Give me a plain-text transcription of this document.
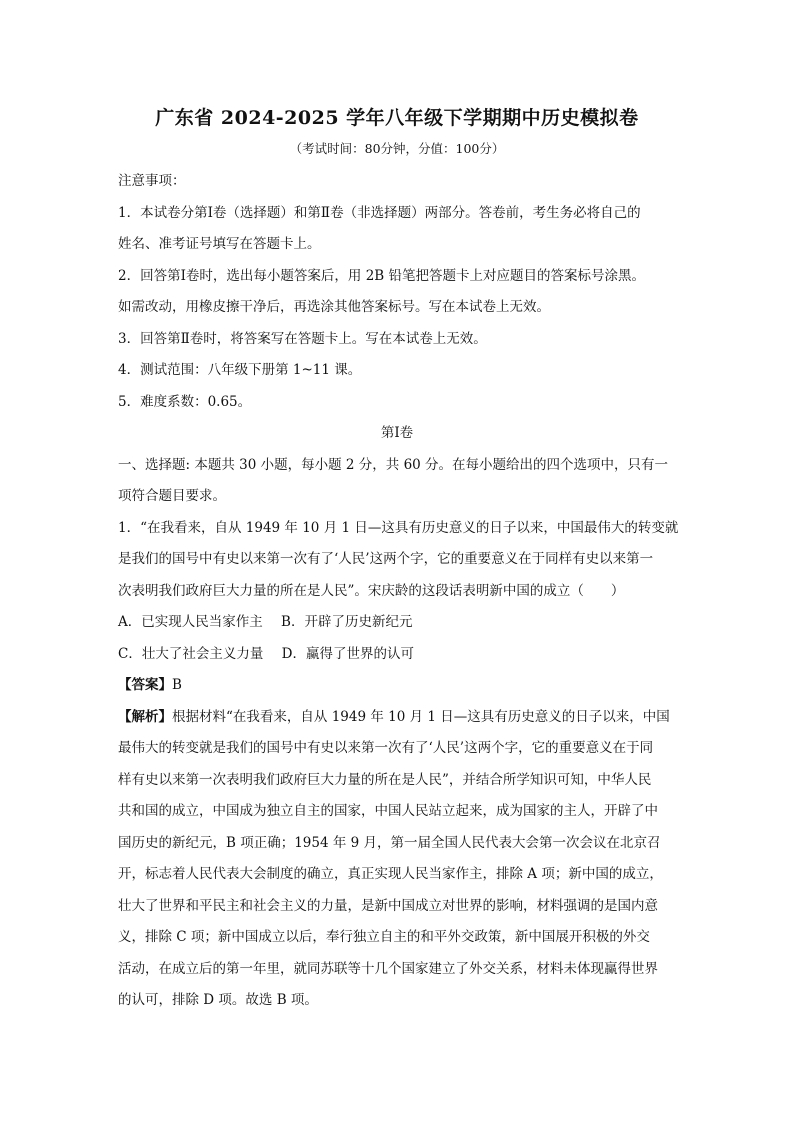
广东省 2024-2025 学年八年级下学期期中历史模拟卷
（考试时间：80分钟，分值：100分）

注意事项：

1．本试卷分第Ⅰ卷（选择题）和第Ⅱ卷（非选择题）两部分。答卷前，考生务必将自己的

姓名、准考证号填写在答题卡上。

2．回答第Ⅰ卷时，选出每小题答案后，用 2B 铅笔把答题卡上对应题目的答案标号涂黑。

如需改动，用橡皮擦干净后，再选涂其他答案标号。写在本试卷上无效。

3．回答第Ⅱ卷时，将答案写在答题卡上。写在本试卷上无效。

4．测试范围：八年级下册第 1~11 课。

5．难度系数：0.65。

第Ⅰ卷

一、选择题: 本题共 30 小题，每小题 2 分，共 60 分。在每小题给出的四个选项中，只有一

项符合题目要求。

1．“在我看来，自从 1949 年 10 月 1 日—这具有历史意义的日子以来，中国最伟大的转变就

是我们的国号中有史以来第一次有了‘人民’这两个字，它的重要意义在于同样有史以来第一

次表明我们政府巨大力量的所在是人民”。宋庆龄的这段话表明新中国的成立（　　）

A．已实现人民当家作主 B．开辟了历史新纪元
C．壮大了社会主义力量 D．赢得了世界的认可

【答案】B

【解析】根据材料“在我看来，自从 1949 年 10 月 1 日—这具有历史意义的日子以来，中国

最伟大的转变就是我们的国号中有史以来第一次有了‘人民’这两个字，它的重要意义在于同

样有史以来第一次表明我们政府巨大力量的所在是人民”，并结合所学知识可知，中华人民

共和国的成立，中国成为独立自主的国家，中国人民站立起来，成为国家的主人，开辟了中

国历史的新纪元，B 项正确；1954 年 9 月，第一届全国人民代表大会第一次会议在北京召

开，标志着人民代表大会制度的确立，真正实现人民当家作主，排除 A 项；新中国的成立，

壮大了世界和平民主和社会主义的力量，是新中国成立对世界的影响，材料强调的是国内意

义，排除 C 项；新中国成立以后，奉行独立自主的和平外交政策，新中国展开积极的外交

活动，在成立后的第一年里，就同苏联等十几个国家建立了外交关系，材料未体现赢得世界

的认可，排除 D 项。故选 B 项。
